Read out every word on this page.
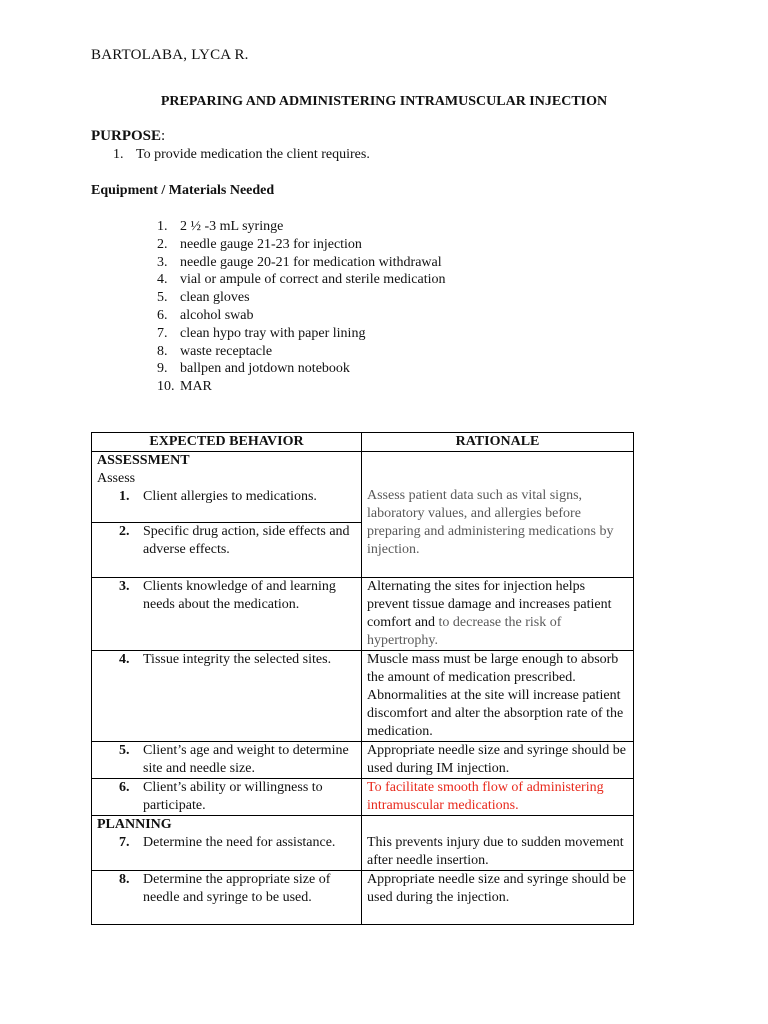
BARTOLABA, LYCA R.
PREPARING AND ADMINISTERING INTRAMUSCULAR INJECTION
PURPOSE:
1. To provide medication the client requires.
Equipment / Materials Needed
1. 2 ½ -3 mL syringe
2. needle gauge 21-23 for injection
3. needle gauge 20-21 for medication withdrawal
4. vial or ampule of correct and sterile medication
5. clean gloves
6. alcohol swab
7. clean hypo tray with paper lining
8. waste receptacle
9. ballpen and jotdown notebook
10. MAR
EXPECTED BEHAVIOR	RATIONALE

ASSESSMENT
Assess
1. Client allergies to medications.	Assess patient data such as vital signs, laboratory values, and allergies before preparing and administering medications by injection.

2. Specific drug action, side effects and adverse effects.	

3. Clients knowledge of and learning needs about the medication.	Alternating the sites for injection helps prevent tissue damage and increases patient comfort and to decrease the risk of hypertrophy.

4. Tissue integrity the selected sites.	Muscle mass must be large enough to absorb the amount of medication prescribed. Abnormalities at the site will increase patient discomfort and alter the absorption rate of the medication.

5. Client’s age and weight to determine site and needle size.	Appropriate needle size and syringe should be used during IM injection.

6. Client’s ability or willingness to participate.	To facilitate smooth flow of administering intramuscular medications.

PLANNING
7. Determine the need for assistance.	This prevents injury due to sudden movement after needle insertion.

8. Determine the appropriate size of needle and syringe to be used.	Appropriate needle size and syringe should be used during the injection.
